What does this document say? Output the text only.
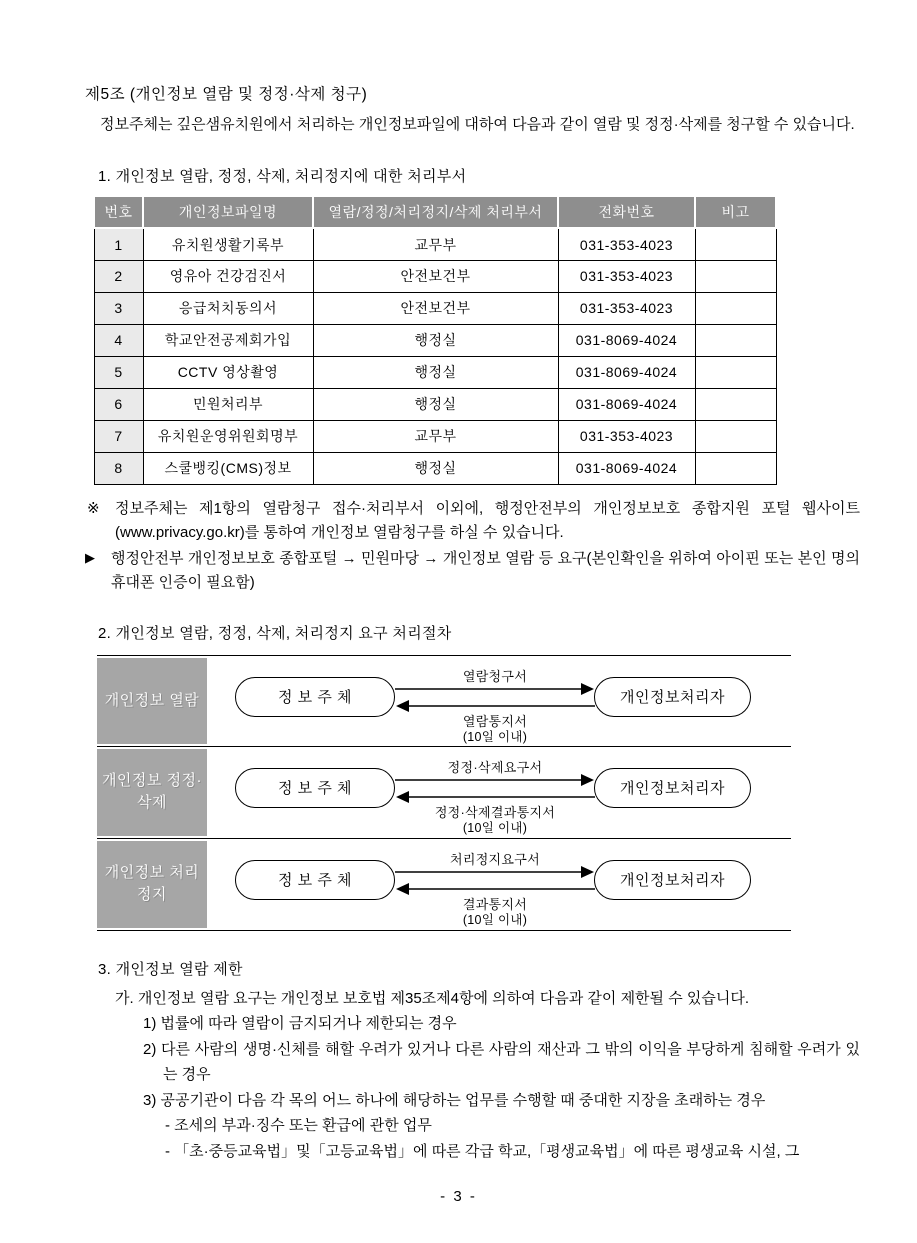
제5조 (개인정보 열람 및 정정·삭제 청구)

정보주체는 깊은샘유치원에서 처리하는 개인정보파일에 대하여 다음과 같이 열람 및 정정·삭제를 청구할 수 있습니다.

1. 개인정보 열람, 정정, 삭제, 처리정지에 대한 처리부서
번호	개인정보파일명	열람/정정/처리정지/삭제 처리부서	전화번호	비고
1	유치원생활기록부	교무부	031-353-4023	
2	영유아 건강검진서	안전보건부	031-353-4023	
3	응급처치동의서	안전보건부	031-353-4023	
4	학교안전공제회가입	행정실	031-8069-4024	
5	CCTV 영상촬영	행정실	031-8069-4024	
6	민원처리부	행정실	031-8069-4024	
7	유치원운영위원회명부	교무부	031-353-4023	
8	스쿨뱅킹(CMS)정보	행정실	031-8069-4024	

※ 정보주체는 제1항의 열람청구 접수·처리부서 이외에, 행정안전부의 개인정보보호 종합지원 포털 웹사이트 (www.privacy.go.kr)를 통하여 개인정보 열람청구를 하실 수 있습니다.

▶ 행정안전부 개인정보보호 종합포털 → 민원마당 → 개인정보 열람 등 요구(본인확인을 위하여 아이핀 또는 본인 명의 휴대폰 인증이 필요함)

2. 개인정보 열람, 정정, 삭제, 처리정지 요구 처리절차
개인정보 열람	정 보 주 체	개인정보처리자
열람청구서
열람통지서
(10일 이내)
개인정보 정정·삭제
정 보 주 체	개인정보처리자
정정·삭제요구서
정정·삭제결과통지서
(10일 이내)
개인정보 처리정지
정 보 주 체	개인정보처리자
처리정지요구서
결과통지서
(10일 이내)
3. 개인정보 열람 제한

가. 개인정보 열람 요구는 개인정보 보호법 제35조제4항에 의하여 다음과 같이 제한될 수 있습니다.

1) 법률에 따라 열람이 금지되거나 제한되는 경우

2) 다른 사람의 생명·신체를 해할 우려가 있거나 다른 사람의 재산과 그 밖의 이익을 부당하게 침해할 우려가 있는 경우

3) 공공기관이 다음 각 목의 어느 하나에 해당하는 업무를 수행할 때 중대한 지장을 초래하는 경우

- 조세의 부과·징수 또는 환급에 관한 업무

- 「초·중등교육법」및「고등교육법」에 따른 각급 학교,「평생교육법」에 따른 평생교육 시설, 그

- 3 -
